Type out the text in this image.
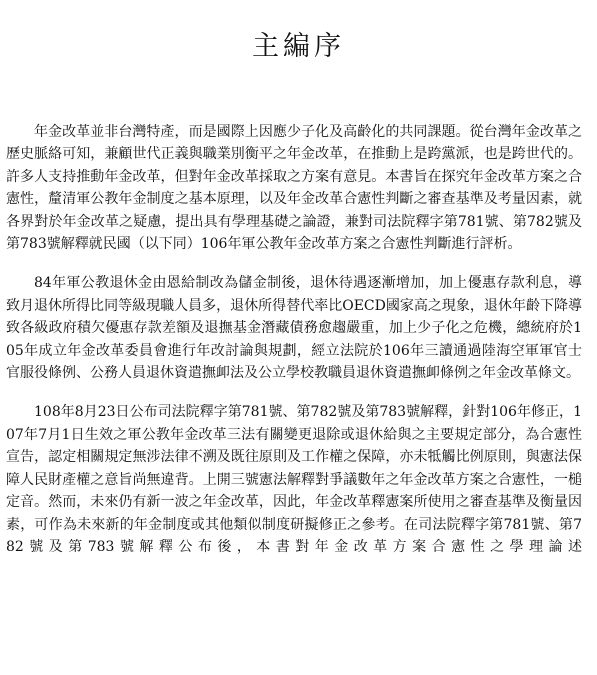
主編序

年金改革並非台灣特產，而是國際上因應少子化及高齡化的共同課題。從台灣年金改革之歷史脈絡可知，兼顧世代正義與職業別衡平之年金改革，在推動上是跨黨派，也是跨世代的。許多人支持推動年金改革，但對年金改革採取之方案有意見。本書旨在探究年金改革方案之合憲性，釐清軍公教年金制度之基本原理，以及年金改革合憲性判斷之審查基準及考量因素，就各界對於年金改革之疑慮，提出具有學理基礎之論證，兼對司法院釋字第781號、第782號及第783號解釋就民國（以下同）106年軍公教年金改革方案之合憲性判斷進行評析。

84年軍公教退休金由恩給制改為儲金制後，退休待遇逐漸增加，加上優惠存款利息，導致月退休所得比同等級現職人員多，退休所得替代率比OECD國家高之現象，退休年齡下降導致各級政府積欠優惠存款差額及退撫基金潛藏債務愈趨嚴重，加上少子化之危機，總統府於105年成立年金改革委員會進行年改討論與規劃，經立法院於106年三讀通過陸海空軍軍官士官服役條例、公務人員退休資遣撫卹法及公立學校教職員退休資遣撫卹條例之年金改革條文。

108年8月23日公布司法院釋字第781號、第782號及第783號解釋，針對106年修正，107年7月1日生效之軍公教年金改革三法有關變更退除或退休給與之主要規定部分，為合憲性宣告，認定相關規定無涉法律不溯及既往原則及工作權之保障，亦未牴觸比例原則，與憲法保障人民財產權之意旨尚無違背。上開三號憲法解釋對爭議數年之年金改革方案之合憲性，一槌定音。然而，未來仍有新一波之年金改革，因此，年金改革釋憲案所使用之審查基準及衡量因素，可作為未來新的年金制度或其他類似制度研擬修正之參考。在司法院釋字第781號、第782號及第783號解釋公布後，本書對年金改革方案合憲性之學理論述
